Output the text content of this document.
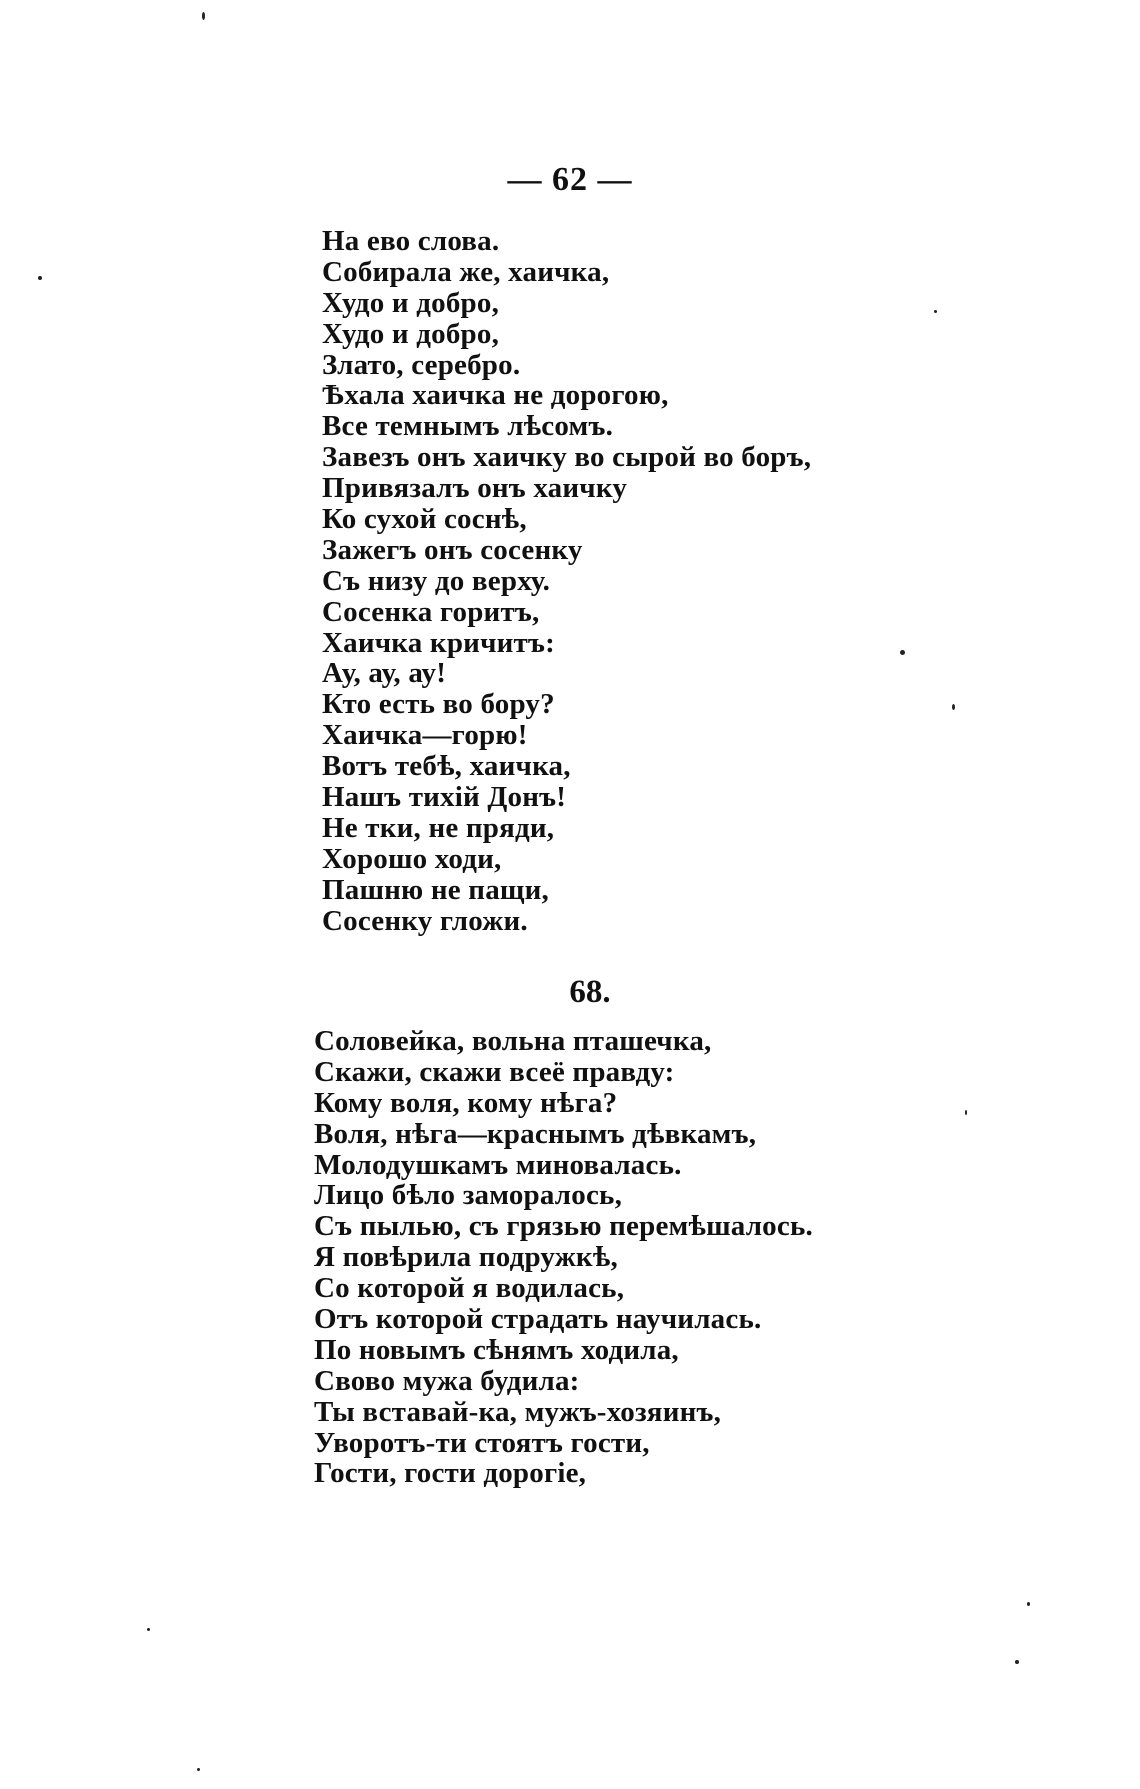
— 62 —
На ево слова.
Собирала же, хаичка,
Худо и добро,
Худо и добро,
Злато, серебро.
Ѣхала хаичка не дорогою,
Все темнымъ лѣсомъ.
Завезъ онъ хаичку во сырой во боръ,
Привязалъ онъ хаичку
Ко сухой соснѣ,
Зажегъ онъ сосенку
Съ низу до верху.
Сосенка горитъ,
Хаичка кричитъ:
Ау, ау, ау!
Кто есть во бору?
Хаичка—горю!
Вотъ тебѣ, хаичка,
Нашъ тихiй Донъ!
Не тки, не пряди,
Хорошо ходи,
Пашню не пащи,
Сосенку гложи.
68.
Соловейка, вольна пташечка,
Скажи, скажи всеё правду:
Кому воля, кому нѣга?
Воля, нѣга—краснымъ дѣвкамъ,
Молодушкамъ миновалась.
Лицо бѣло заморалось,
Съ пылью, съ грязью перемѣшалось.
Я повѣрила подружкѣ,
Со которой я водилась,
Отъ которой страдать научилась.
По новымъ сѣнямъ ходила,
Свово мужа будила:
Ты вставай-ка, мужъ-хозяинъ,
Уворотъ-ти стоятъ гости,
Гости, гости дорогiе,
